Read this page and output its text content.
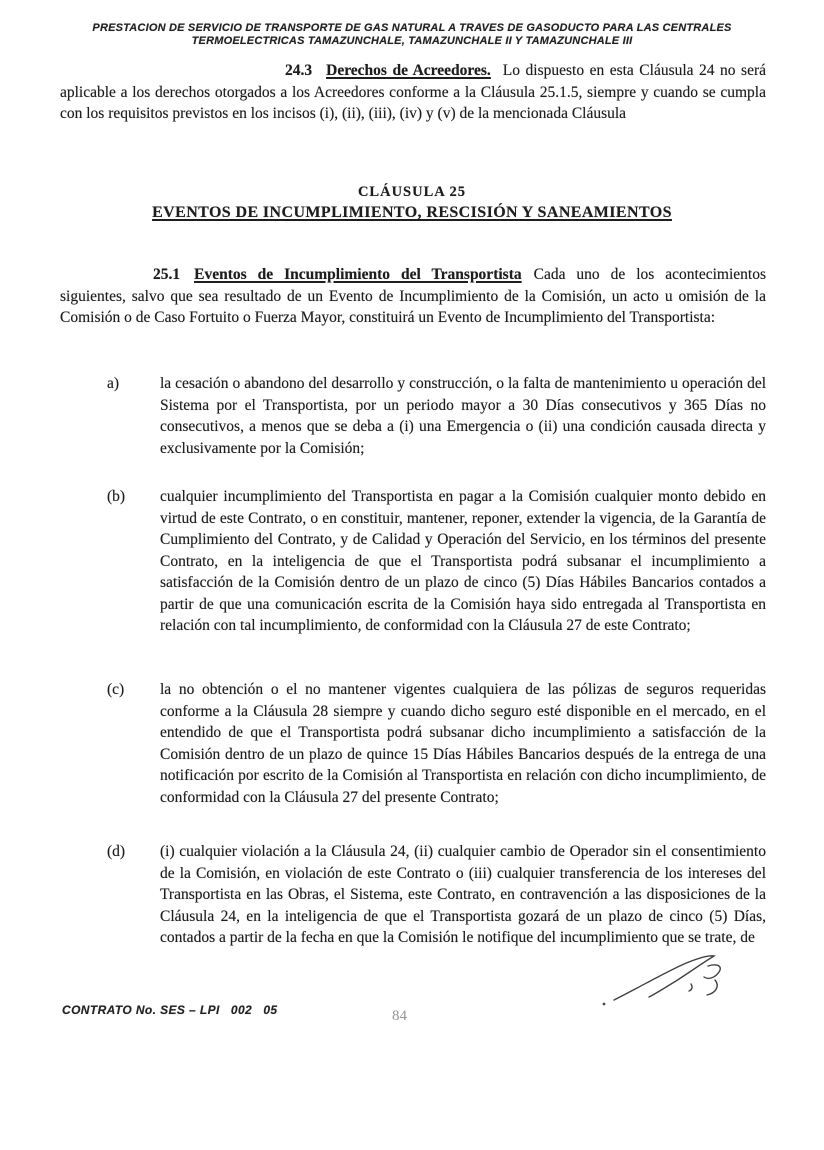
PRESTACION DE SERVICIO DE TRANSPORTE DE GAS NATURAL A TRAVES DE GASODUCTO PARA LAS CENTRALES
TERMOELECTRICAS TAMAZUNCHALE, TAMAZUNCHALE II Y TAMAZUNCHALE III

24.3 Derechos de Acreedores. Lo dispuesto en esta Cláusula 24 no será aplicable a los derechos otorgados a los Acreedores conforme a la Cláusula 25.1.5, siempre y cuando se cumpla con los requisitos previstos en los incisos (i), (ii), (iii), (iv) y (v) de la mencionada Cláusula

CLÁUSULA 25
EVENTOS DE INCUMPLIMIENTO, RESCISIÓN Y SANEAMIENTOS

25.1 Eventos de Incumplimiento del Transportista Cada uno de los acontecimientos siguientes, salvo que sea resultado de un Evento de Incumplimiento de la Comisión, un acto u omisión de la Comisión o de Caso Fortuito o Fuerza Mayor, constituirá un Evento de Incumplimiento del Transportista:

a)	la cesación o abandono del desarrollo y construcción, o la falta de mantenimiento u operación del Sistema por el Transportista, por un periodo mayor a 30 Días consecutivos y 365 Días no consecutivos, a menos que se deba a (i) una Emergencia o (ii) una condición causada directa y exclusivamente por la Comisión;
(b) cualquier incumplimiento del Transportista en pagar a la Comisión cualquier monto debido en virtud de este Contrato, o en constituir, mantener, reponer, extender la vigencia, de la Garantía de Cumplimiento del Contrato, y de Calidad y Operación del Servicio, en los términos del presente Contrato, en la inteligencia de que el Transportista podrá subsanar el incumplimiento a satisfacción de la Comisión dentro de un plazo de cinco (5) Días Hábiles Bancarios contados a partir de que una comunicación escrita de la Comisión haya sido entregada al Transportista en relación con tal incumplimiento, de conformidad con la Cláusula 27 de este Contrato;
(c) la no obtención o el no mantener vigentes cualquiera de las pólizas de seguros requeridas conforme a la Cláusula 28 siempre y cuando dicho seguro esté disponible en el mercado, en el entendido de que el Transportista podrá subsanar dicho incumplimiento a satisfacción de la Comisión dentro de un plazo de quince 15 Días Hábiles Bancarios después de la entrega de una notificación por escrito de la Comisión al Transportista en relación con dicho incumplimiento, de conformidad con la Cláusula 27 del presente Contrato;
(d) (i) cualquier violación a la Cláusula 24, (ii) cualquier cambio de Operador sin el consentimiento de la Comisión, en violación de este Contrato o (iii) cualquier transferencia de los intereses del Transportista en las Obras, el Sistema, este Contrato, en contravención a las disposiciones de la Cláusula 24, en la inteligencia de que el Transportista gozará de un plazo de cinco (5) Días, contados a partir de la fecha en que la Comisión le notifique del incumplimiento que se trate, de
CONTRATO No. SES – LPI   002   05	84
